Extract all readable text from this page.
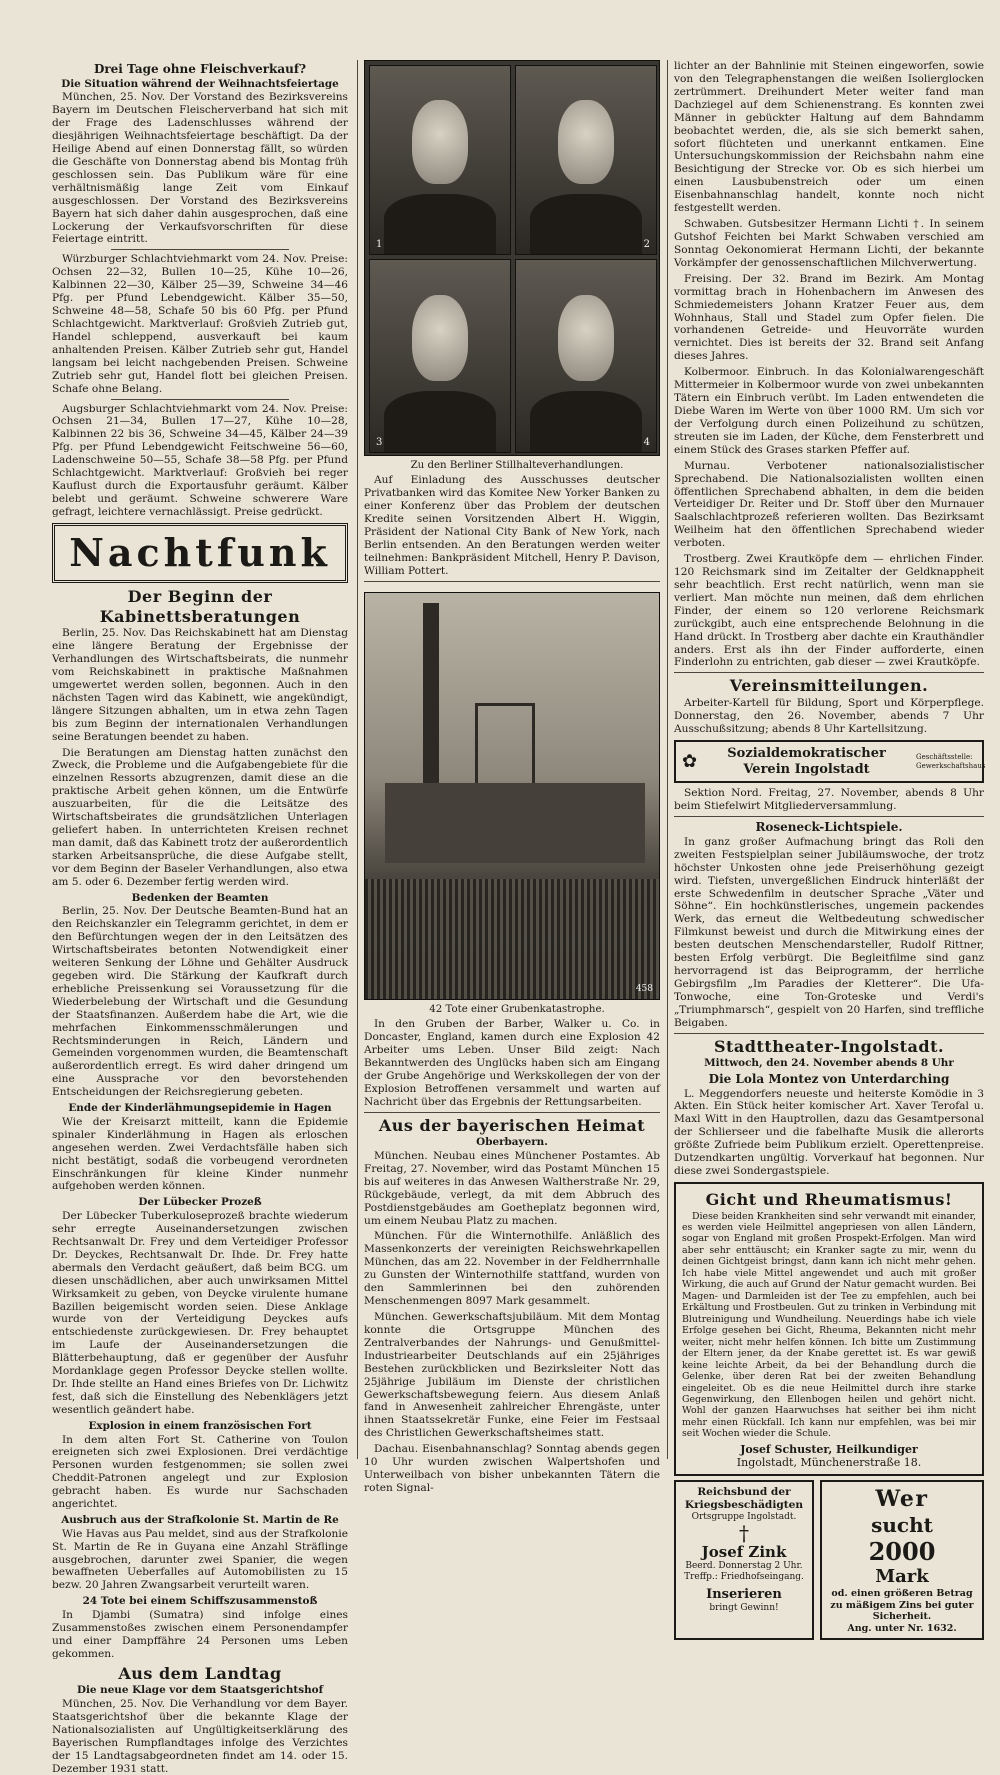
Drei Tage ohne Fleischverkauf?
Die Situation während der Weihnachtsfeiertage

München, 25. Nov. Der Vorstand des Bezirksvereins Bayern im Deutschen Fleischerverband hat sich mit der Frage des Ladenschlusses während der diesjährigen Weihnachtsfeiertage beschäftigt. Da der Heilige Abend auf einen Donnerstag fällt, so würden die Geschäfte von Donnerstag abend bis Montag früh geschlossen sein. Das Publikum wäre für eine verhältnismäßig lange Zeit vom Einkauf ausgeschlossen. Der Vorstand des Bezirksvereins Bayern hat sich daher dahin ausgesprochen, daß eine Lockerung der Verkaufsvorschriften für diese Feiertage eintritt.

Würzburger Schlachtviehmarkt vom 24. Nov. Preise: Ochsen 22—32, Bullen 10—25, Kühe 10—26, Kalbinnen 22—30, Kälber 25—39, Schweine 34—46 Pfg. per Pfund Lebendgewicht. Kälber 35—50, Schweine 48—58, Schafe 50 bis 60 Pfg. per Pfund Schlachtgewicht. Marktverlauf: Großvieh Zutrieb gut, Handel schleppend, ausverkauft bei kaum anhaltenden Preisen. Kälber Zutrieb sehr gut, Handel langsam bei leicht nachgebenden Preisen. Schweine Zutrieb sehr gut, Handel flott bei gleichen Preisen. Schafe ohne Belang.

Augsburger Schlachtviehmarkt vom 24. Nov. Preise: Ochsen 21—34, Bullen 17—27, Kühe 10—28, Kalbinnen 22 bis 36, Schweine 34—45, Kälber 24—39 Pfg. per Pfund Lebendgewicht Feitschweine 56—60, Ladenschweine 50—55, Schafe 38—58 Pfg. per Pfund Schlachtgewicht. Marktverlauf: Großvieh bei reger Kauflust durch die Exportausfuhr geräumt. Kälber belebt und geräumt. Schweine schwerere Ware gefragt, leichtere vernachlässigt. Preise gedrückt.

Nachtfunk
Der Beginn der Kabinettsberatungen

Berlin, 25. Nov. Das Reichskabinett hat am Dienstag eine längere Beratung der Ergebnisse der Verhandlungen des Wirtschaftsbeirats, die nunmehr vom Reichskabinett in praktische Maßnahmen umgewertet werden sollen, begonnen. Auch in den nächsten Tagen wird das Kabinett, wie angekündigt, längere Sitzungen abhalten, um in etwa zehn Tagen bis zum Beginn der internationalen Verhandlungen seine Beratungen beendet zu haben.

Die Beratungen am Dienstag hatten zunächst den Zweck, die Probleme und die Aufgabengebiete für die einzelnen Ressorts abzugrenzen, damit diese an die praktische Arbeit gehen können, um die Entwürfe auszuarbeiten, für die die Leitsätze des Wirtschaftsbeirates die grundsätzlichen Unterlagen geliefert haben. In unterrichteten Kreisen rechnet man damit, daß das Kabinett trotz der außerordentlich starken Arbeitsansprüche, die diese Aufgabe stellt, vor dem Beginn der Baseler Verhandlungen, also etwa am 5. oder 6. Dezember fertig werden wird.

Bedenken der Beamten

Berlin, 25. Nov. Der Deutsche Beamten-Bund hat an den Reichskanzler ein Telegramm gerichtet, in dem er den Befürchtungen wegen der in den Leitsätzen des Wirtschaftsbeirates betonten Notwendigkeit einer weiteren Senkung der Löhne und Gehälter Ausdruck gegeben wird. Die Stärkung der Kaufkraft durch erhebliche Preissenkung sei Voraussetzung für die Wiederbelebung der Wirtschaft und die Gesundung der Staatsfinanzen. Außerdem habe die Art, wie die mehrfachen Einkommensschmälerungen und Rechtsminderungen in Reich, Ländern und Gemeinden vorgenommen wurden, die Beamtenschaft außerordentlich erregt. Es wird daher dringend um eine Aussprache vor den bevorstehenden Entscheidungen der Reichsregierung gebeten.

Ende der Kinderlähmungsepidemie in Hagen

Wie der Kreisarzt mitteilt, kann die Epidemie spinaler Kinderlähmung in Hagen als erloschen angesehen werden. Zwei Verdachtsfälle haben sich nicht bestätigt, sodaß die vorbeugend verordneten Einschränkungen für kleine Kinder nunmehr aufgehoben werden können.

Der Lübecker Prozeß

Der Lübecker Tuberkuloseprozeß brachte wiederum sehr erregte Auseinandersetzungen zwischen Rechtsanwalt Dr. Frey und dem Verteidiger Professor Dr. Deyckes, Rechtsanwalt Dr. Ihde. Dr. Frey hatte abermals den Verdacht geäußert, daß beim BCG. um diesen unschädlichen, aber auch unwirksamen Mittel Wirksamkeit zu geben, von Deycke virulente humane Bazillen beigemischt worden seien. Diese Anklage wurde von der Verteidigung Deyckes aufs entschiedenste zurückgewiesen. Dr. Frey behauptet im Laufe der Auseinandersetzungen die Blätterbehauptung, daß er gegenüber der Ausfuhr Mordanklage gegen Professor Deycke stellen wollte. Dr. Ihde stellte an Hand eines Briefes von Dr. Lichwitz fest, daß sich die Einstellung des Nebenklägers jetzt wesentlich geändert habe.

Explosion in einem französischen Fort

In dem alten Fort St. Catherine von Toulon ereigneten sich zwei Explosionen. Drei verdächtige Personen wurden festgenommen; sie sollen zwei Cheddit-Patronen angelegt und zur Explosion gebracht haben. Es wurde nur Sachschaden angerichtet.

Ausbruch aus der Strafkolonie St. Martin de Re

Wie Havas aus Pau meldet, sind aus der Strafkolonie St. Martin de Re in Guyana eine Anzahl Sträflinge ausgebrochen, darunter zwei Spanier, die wegen bewaffneten Ueberfalles auf Automobilisten zu 15 bezw. 20 Jahren Zwangsarbeit verurteilt waren.

24 Tote bei einem Schiffszusammenstoß

In Djambi (Sumatra) sind infolge eines Zusammenstoßes zwischen einem Personendampfer und einer Dampffähre 24 Personen ums Leben gekommen.

Aus dem Landtag
Die neue Klage vor dem Staatsgerichtshof

München, 25. Nov. Die Verhandlung vor dem Bayer. Staatsgerichtshof über die bekannte Klage der Nationalsozialisten auf Ungültigkeitserklärung des Bayerischen Rumpflandtages infolge des Verzichtes der 15 Landtagsabgeordneten findet am 14. oder 15. Dezember 1931 statt.

1	2
3	4

Zu den Berliner Stillhalteverhandlungen.

Auf Einladung des Ausschusses deutscher Privatbanken wird das Komitee New Yorker Banken zu einer Konferenz über das Problem der deutschen Kredite seinen Vorsitzenden Albert H. Wiggin, Präsident der National City Bank of New York, nach Berlin entsenden. An den Beratungen werden weiter teilnehmen: Bankpräsident Mitchell, Henry P. Davison, William Pottert.

458

42 Tote einer Grubenkatastrophe.

In den Gruben der Barber, Walker u. Co. in Doncaster, England, kamen durch eine Explosion 42 Arbeiter ums Leben. Unser Bild zeigt: Nach Bekanntwerden des Unglücks haben sich am Eingang der Grube Angehörige und Werkskollegen der von der Explosion Betroffenen versammelt und warten auf Nachricht über das Ergebnis der Rettungsarbeiten.

Aus der bayerischen Heimat
Oberbayern.

München. Neubau eines Münchener Postamtes. Ab Freitag, 27. November, wird das Postamt München 15 bis auf weiteres in das Anwesen Waltherstraße Nr. 29, Rückgebäude, verlegt, da mit dem Abbruch des Postdienstgebäudes am Goetheplatz begonnen wird, um einem Neubau Platz zu machen.

München. Für die Winternothilfe. Anläßlich des Massenkonzerts der vereinigten Reichswehrkapellen München, das am 22. November in der Feldherrnhalle zu Gunsten der Winternothilfe stattfand, wurden von den Sammlerinnen bei den zuhörenden Menschenmengen 8097 Mark gesammelt.

München. Gewerkschaftsjubiläum. Mit dem Montag konnte die Ortsgruppe München des Zentralverbandes der Nahrungs- und Genußmittel-Industriearbeiter Deutschlands auf ein 25jähriges Bestehen zurückblicken und Bezirksleiter Nott das 25jährige Jubiläum im Dienste der christlichen Gewerkschaftsbewegung feiern. Aus diesem Anlaß fand in Anwesenheit zahlreicher Ehrengäste, unter ihnen Staatssekretär Funke, eine Feier im Festsaal des Christlichen Gewerkschaftsheimes statt.

Dachau. Eisenbahnanschlag? Sonntag abends gegen 10 Uhr wurden zwischen Walpertshofen und Unterweilbach von bisher unbekannten Tätern die roten Signal-

lichter an der Bahnlinie mit Steinen eingeworfen, sowie von den Telegraphenstangen die weißen Isolierglocken zertrümmert. Dreihundert Meter weiter fand man Dachziegel auf dem Schienenstrang. Es konnten zwei Männer in gebückter Haltung auf dem Bahndamm beobachtet werden, die, als sie sich bemerkt sahen, sofort flüchteten und unerkannt entkamen. Eine Untersuchungskommission der Reichsbahn nahm eine Besichtigung der Strecke vor. Ob es sich hierbei um einen Lausbubenstreich oder um einen Eisenbahnanschlag handelt, konnte noch nicht festgestellt werden.

Schwaben. Gutsbesitzer Hermann Lichti †. In seinem Gutshof Feichten bei Markt Schwaben verschied am Sonntag Oekonomierat Hermann Lichti, der bekannte Vorkämpfer der genossenschaftlichen Milchverwertung.

Freising. Der 32. Brand im Bezirk. Am Montag vormittag brach in Hohenbachern im Anwesen des Schmiedemeisters Johann Kratzer Feuer aus, dem Wohnhaus, Stall und Stadel zum Opfer fielen. Die vorhandenen Getreide- und Heuvorräte wurden vernichtet. Dies ist bereits der 32. Brand seit Anfang dieses Jahres.

Kolbermoor. Einbruch. In das Kolonialwarengeschäft Mittermeier in Kolbermoor wurde von zwei unbekannten Tätern ein Einbruch verübt. Im Laden entwendeten die Diebe Waren im Werte von über 1000 RM. Um sich vor der Verfolgung durch einen Polizeihund zu schützen, streuten sie im Laden, der Küche, dem Fensterbrett und einem Stück des Grases starken Pfeffer auf.

Murnau. Verbotener nationalsozialistischer Sprechabend. Die Nationalsozialisten wollten einen öffentlichen Sprechabend abhalten, in dem die beiden Verteidiger Dr. Reiter und Dr. Stoff über den Murnauer Saalschlachtprozeß referieren wollten. Das Bezirksamt Weilheim hat den öffentlichen Sprechabend wieder verboten.

Trostberg. Zwei Krautköpfe dem — ehrlichen Finder. 120 Reichsmark sind im Zeitalter der Geldknappheit sehr beachtlich. Erst recht natürlich, wenn man sie verliert. Man möchte nun meinen, daß dem ehrlichen Finder, der einem so 120 verlorene Reichsmark zurückgibt, auch eine entsprechende Belohnung in die Hand drückt. In Trostberg aber dachte ein Krauthändler anders. Erst als ihn der Finder aufforderte, einen Finderlohn zu entrichten, gab dieser — zwei Krautköpfe.

Vereinsmitteilungen.

Arbeiter-Kartell für Bildung, Sport und Körperpflege. Donnerstag, den 26. November, abends 7 Uhr Ausschußsitzung; abends 8 Uhr Kartellsitzung.

✿	Sozialdemokratischer Verein Ingolstadt
Geschäftsstelle: Gewerkschaftshaus

Sektion Nord. Freitag, 27. November, abends 8 Uhr beim Stiefelwirt Mitgliederversammlung.

Roseneck-Lichtspiele.

In ganz großer Aufmachung bringt das Roli den zweiten Festspielplan seiner Jubiläumswoche, der trotz höchster Unkosten ohne jede Preiserhöhung gezeigt wird. Tiefsten, unvergeßlichen Eindruck hinterläßt der erste Schwedenfilm in deutscher Sprache „Väter und Söhne“. Ein hochkünstlerisches, ungemein packendes Werk, das erneut die Weltbedeutung schwedischer Filmkunst beweist und durch die Mitwirkung eines der besten deutschen Menschendarsteller, Rudolf Rittner, besten Erfolg verbürgt. Die Begleitfilme sind ganz hervorragend ist das Beiprogramm, der herrliche Gebirgsfilm „Im Paradies der Kletterer“. Die Ufa-Tonwoche, eine Ton-Groteske und Verdi's „Triumphmarsch“, gespielt von 20 Harfen, sind treffliche Beigaben.

Stadttheater-Ingolstadt.
Mittwoch, den 24. November abends 8 Uhr
Die Lola Montez von Unterdarching

L. Meggendorfers neueste und heiterste Komödie in 3 Akten. Ein Stück heiter komischer Art. Xaver Terofal u. Maxl Witt in den Hauptrollen, dazu das Gesamtpersonal der Schlierseer und die fabelhafte Musik die allerorts größte Zufriede beim Publikum erzielt. Operettenpreise. Dutzendkarten ungültig. Vorverkauf hat begonnen. Nur diese zwei Sondergastspiele.

Gicht und Rheumatismus!

Diese beiden Krankheiten sind sehr verwandt mit einander, es werden viele Heilmittel angepriesen von allen Ländern, sogar von England mit großen Prospekt-Erfolgen. Man wird aber sehr enttäuscht; ein Kranker sagte zu mir, wenn du deinen Gichtgeist bringst, dann kann ich nicht mehr gehen. Ich habe viele Mittel angewendet und auch mit großer Wirkung, die auch auf Grund der Natur gemacht wurden. Bei Magen- und Darmleiden ist der Tee zu empfehlen, auch bei Erkältung und Frostbeulen. Gut zu trinken in Verbindung mit Blutreinigung und Wundheilung. Neuerdings habe ich viele Erfolge gesehen bei Gicht, Rheuma, Bekannten nicht mehr weiter, nicht mehr helfen können. Ich bitte um Zustimmung der Eltern jener, da der Knabe gerettet ist. Es war gewiß keine leichte Arbeit, da bei der Behandlung durch die Gelenke, über deren Rat bei der zweiten Behandlung eingeleitet. Ob es die neue Heilmittel durch ihre starke Gegenwirkung, den Ellenbogen heilen und gehört nicht. Wohl der ganzen Haarwuchses hat seither bei ihm nicht mehr einen Rückfall. Ich kann nur empfehlen, was bei mir seit Wochen wieder die Schule.

Josef Schuster, Heilkundiger
Ingolstadt, Münchenerstraße 18.
Reichsbund der Kriegsbeschädigten
Ortsgruppe Ingolstadt.
†
Josef Zink
Beerd. Donnerstag 2 Uhr.
Treffp.: Friedhofseingang.
Inserieren
bringt Gewinn!
Wer
sucht
2000
Mark
od. einen größeren Betrag zu mäßigem Zins bei guter Sicherheit.
Ang. unter Nr. 1632.
